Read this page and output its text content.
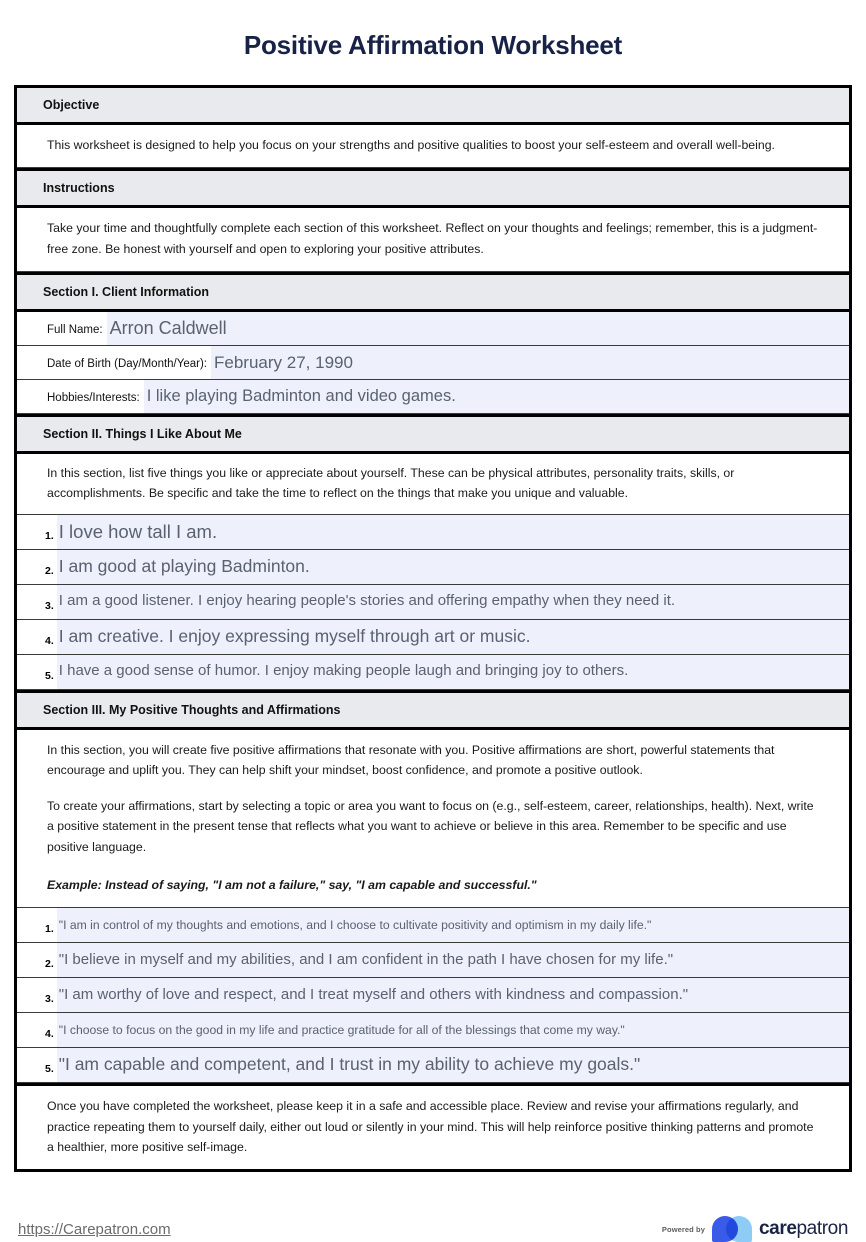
Positive Affirmation Worksheet
Objective

This worksheet is designed to help you focus on your strengths and positive qualities to boost your self-esteem and overall well-being.

Instructions

Take your time and thoughtfully complete each section of this worksheet. Reflect on your thoughts and feelings; remember, this is a judgment-free zone. Be honest with yourself and open to exploring your positive attributes.

Section I. Client Information
Full Name: Arron Caldwell
Date of Birth (Day/Month/Year): February 27, 1990
Hobbies/Interests: I like playing Badminton and video games.
Section II. Things I Like About Me

In this section, list five things you like or appreciate about yourself. These can be physical attributes, personality traits, skills, or accomplishments. Be specific and take the time to reflect on the things that make you unique and valuable.

1. I love how tall I am.
2. I am good at playing Badminton.
3. I am a good listener. I enjoy hearing people's stories and offering empathy when they need it.
4. I am creative. I enjoy expressing myself through art or music.
5. I have a good sense of humor. I enjoy making people laugh and bringing joy to others.
Section III. My Positive Thoughts and Affirmations

In this section, you will create five positive affirmations that resonate with you. Positive affirmations are short, powerful statements that encourage and uplift you. They can help shift your mindset, boost confidence, and promote a positive outlook.

To create your affirmations, start by selecting a topic or area you want to focus on (e.g., self-esteem, career, relationships, health). Next, write a positive statement in the present tense that reflects what you want to achieve or believe in this area. Remember to be specific and use positive language.

Example: Instead of saying, "I am not a failure," say, "I am capable and successful."

1. "I am in control of my thoughts and emotions, and I choose to cultivate positivity and optimism in my daily life."
2. "I believe in myself and my abilities, and I am confident in the path I have chosen for my life."
3. "I am worthy of love and respect, and I treat myself and others with kindness and compassion."
4. "I choose to focus on the good in my life and practice gratitude for all of the blessings that come my way."
5. "I am capable and competent, and I trust in my ability to achieve my goals."

Once you have completed the worksheet, please keep it in a safe and accessible place. Review and revise your affirmations regularly, and practice repeating them to yourself daily, either out loud or silently in your mind. This will help reinforce positive thinking patterns and promote a healthier, more positive self-image.

https://Carepatron.com	Powered by	carepatron
